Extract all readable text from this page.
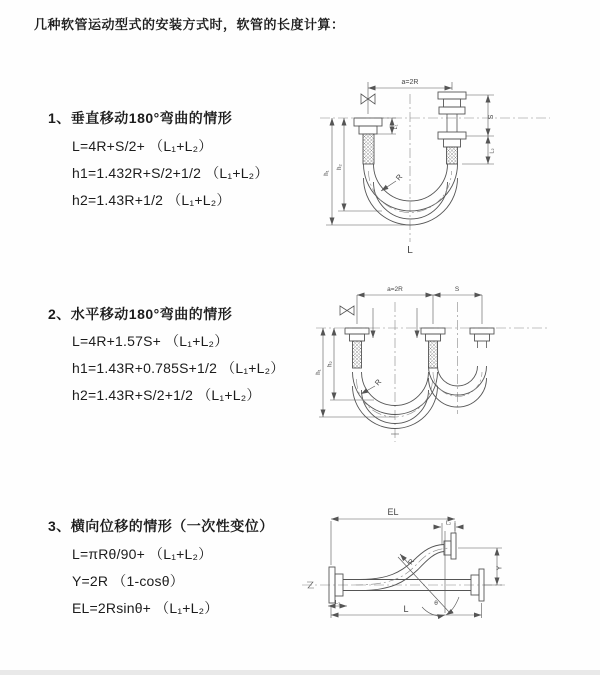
几种软管运动型式的安装方式时，软管的长度计算：
1、垂直移动180°弯曲的情形
L=4R+S/2+ （L₁+L₂）
h1=1.432R+S/2+1/2 （L₁+L₂）
h2=1.43R+1/2 （L₁+L₂）
2、水平移动180°弯曲的情形
L=4R+1.57S+ （L₁+L₂）
h1=1.43R+0.785S+1/2 （L₁+L₂）
h2=1.43R+S/2+1/2 （L₁+L₂）
3、横向位移的情形（一次性变位）
L=πRθ/90+ （L₁+L₂）
Y=2R （1-cosθ）
EL=2Rsinθ+ （L₁+L₂）
a=2R
S
L₁
L₂
h₁
h₂
R
L
a=2R	S
h₁
h₂
R
EL
L₂
Y
L
L₁
R
θ
